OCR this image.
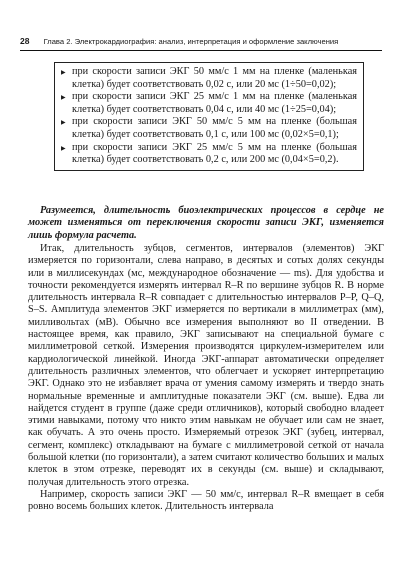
28 Глава 2. Электрокардиография: анализ, интерпретация и оформление заключения
▶ при скорости записи ЭКГ 50 мм/с 1 мм на пленке (маленькая клетка) будет соответствовать 0,02 с, или 20 мс (1÷50=0,02);
▶ при скорости записи ЭКГ 25 мм/с 1 мм на пленке (маленькая клетка) будет соответствовать 0,04 с, или 40 мс (1÷25=0,04);
▶ при скорости записи ЭКГ 50 мм/с 5 мм на пленке (большая клетка) будет соответствовать 0,1 с, или 100 мс (0,02×5=0,1);
▶ при скорости записи ЭКГ 25 мм/с 5 мм на пленке (большая клетка) будет соответствовать 0,2 с, или 200 мс (0,04×5=0,2).
Разумеется, длительность биоэлектрических процессов в сердце не может изменяться от переключения скорости записи ЭКГ, изменяется лишь формула расчета.

Итак, длительность зубцов, сегментов, интервалов (элементов) ЭКГ измеряется по горизонтали, слева направо, в десятых и сотых долях секунды или в миллисекундах (мс, международное обозначение — ms). Для удобства и точности рекомендуется измерять интервал R–R по вершине зубцов R. В норме длительность интервала R–R совпадает с длительностью интервалов P–P, Q–Q, S–S. Амплитуда элементов ЭКГ измеряется по вертикали в миллиметрах (мм), милливольтах (мВ). Обычно все измерения выполняют во II отведении. В настоящее время, как правило, ЭКГ записывают на специальной бумаге с миллиметровой сеткой. Измерения производятся циркулем-измерителем или кардиологической линейкой. Иногда ЭКГ-аппарат автоматически определяет длительность различных элементов, что облегчает и ускоряет интерпретацию ЭКГ. Однако это не избавляет врача от умения самому измерять и твердо знать нормальные временные и амплитудные показатели ЭКГ (см. выше). Едва ли найдется студент в группе (даже среди отличников), который свободно владеет этими навыками, потому что никто этим навыкам не обучает или сам не знает, как обучать. А это очень просто. Измеряемый отрезок ЭКГ (зубец, интервал, сегмент, комплекс) откладывают на бумаге с миллиметровой сеткой от начала большой клетки (по горизонтали), а затем считают количество больших и малых клеток в этом отрезке, переводят их в секунды (см. выше) и складывают, получая длительность этого отрезка.

Например, скорость записи ЭКГ — 50 мм/с, интервал R–R вмещает в себя ровно восемь больших клеток. Длительность интервала
